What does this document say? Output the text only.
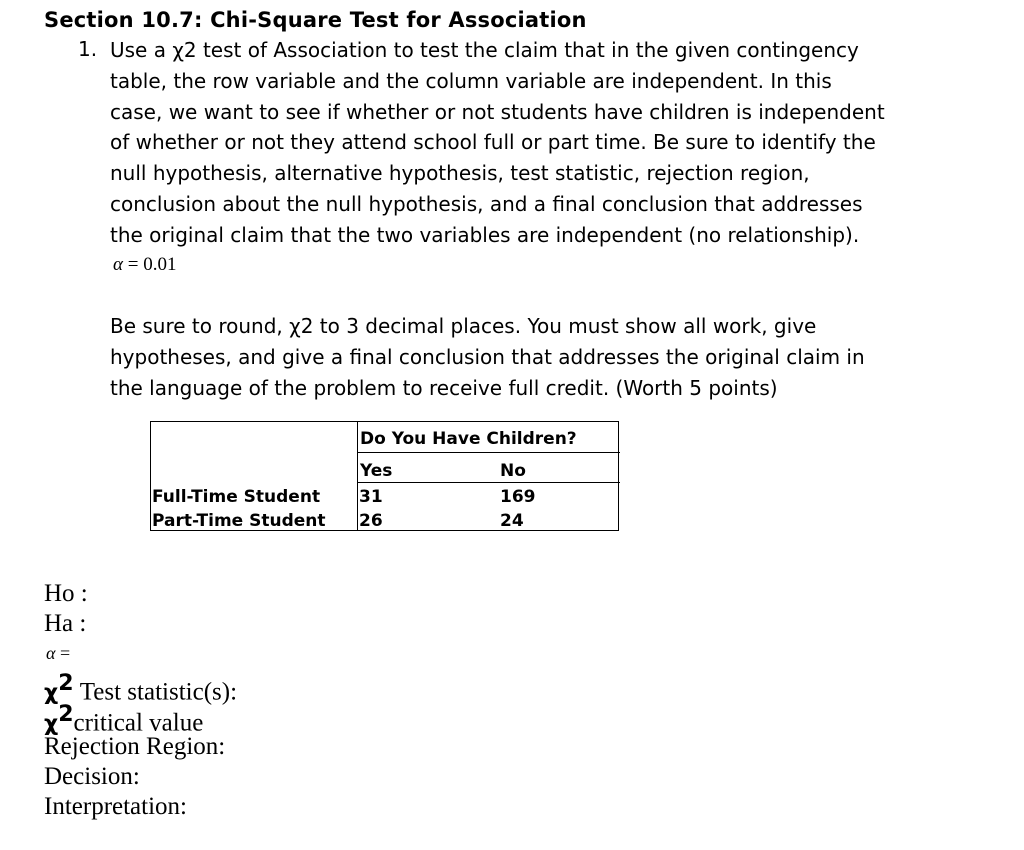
Section 10.7: Chi-Square Test for Association
1. Use a χ2 test of Association to test the claim that in the given contingency
table, the row variable and the column variable are independent. In this
case, we want to see if whether or not students have children is independent
of whether or not they attend school full or part time. Be sure to identify the
null hypothesis, alternative hypothesis, test statistic, rejection region,
conclusion about the null hypothesis, and a final conclusion that addresses
the original claim that the two variables are independent (no relationship).

α = 0.01

Be sure to round, χ2 to 3 decimal places. You must show all work, give
hypotheses, and give a final conclusion that addresses the original claim in
the language of the problem to receive full credit. (Worth 5 points)

Do You Have Children?
Yes	No
Full-Time Student 31	169
Part-Time Student 26	24
Ho :
Ha :
α =
$\chi^2$ Test statistic(s):
$\chi^2critical$ value
Rejection Region:
Decision:
Interpretation:
